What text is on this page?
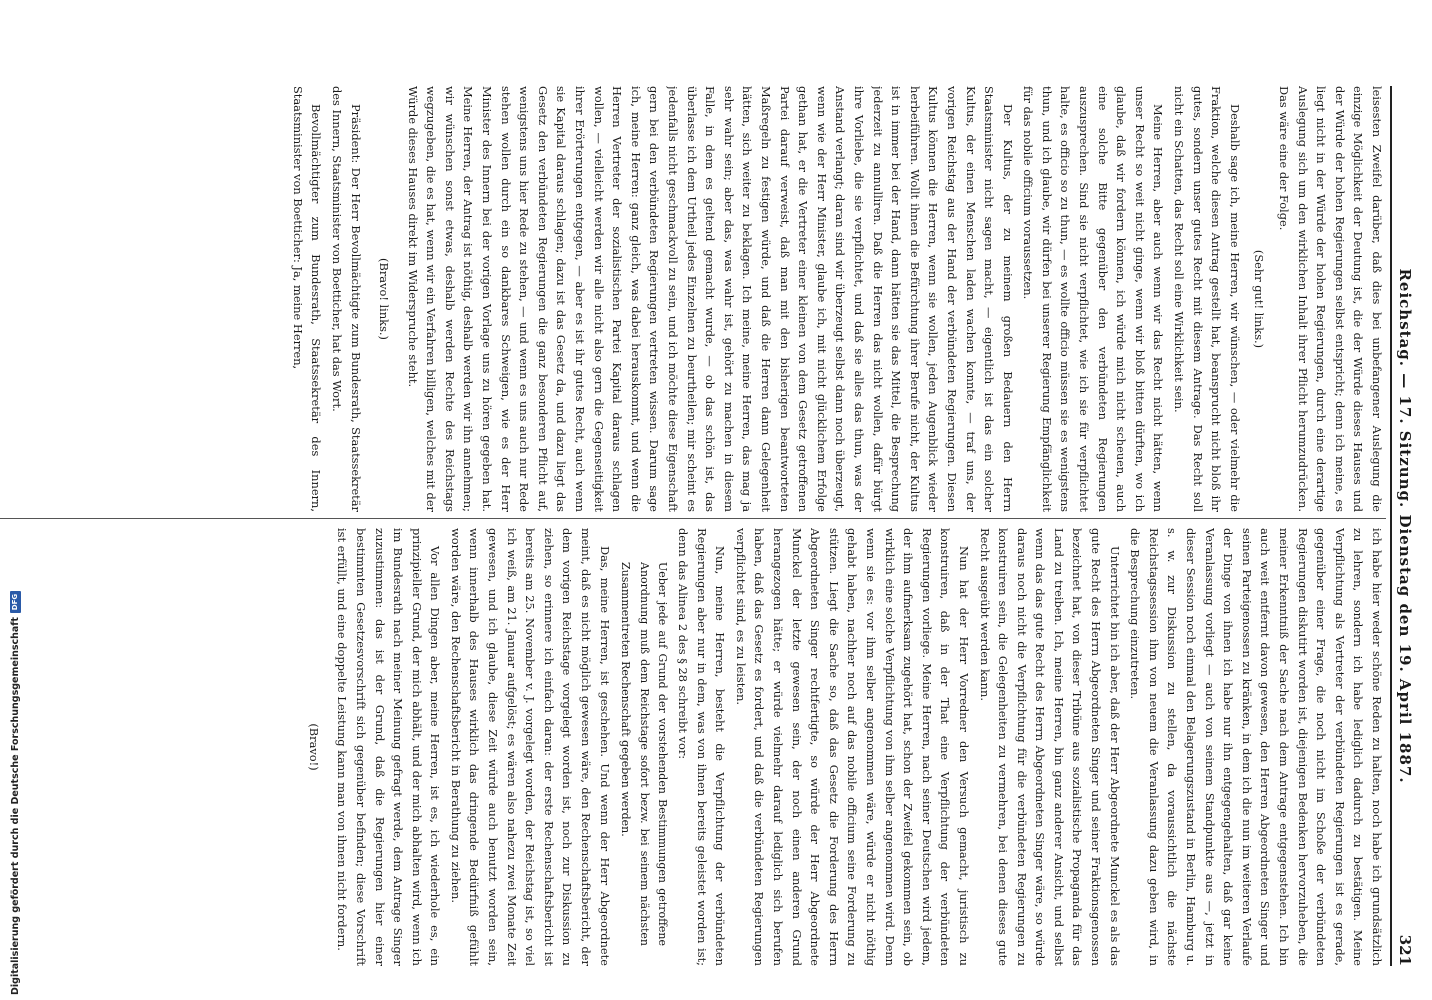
Reichstag. — 17. Sitzung. Dienstag den 19. April 1887.
321

leisesten Zweifel darüber, daß dies bei unbefangener Auslegung die einzige Möglichkeit der Deutung ist, die der Würde dieses Hauses und der Würde der hohen Regierungen selbst entspricht; denn ich meine, es liegt nicht in der Würde der hohen Regierungen, durch eine derartige Auslegung sich um den wirklichen Inhalt ihrer Pflicht herumzudrücken. Das wäre eine der Folge.

(Sehr gut! links.)

Deshalb sage ich, meine Herren, wir wünschen, — oder vielmehr die Fraktion, welche diesen Antrag gestellt hat, beansprucht nicht bloß ihr gutes, sondern unser gutes Recht mit diesem Antrage. Das Recht soll nicht ein Schatten, das Recht soll eine Wirklichkeit sein.

Meine Herren, aber auch wenn wir das Recht nicht hätten, wenn unser Recht so weit nicht ginge, wenn wir bloß bitten dürften, wo ich glaube, daß wir fordern können, ich würde mich nicht scheuen, auch eine solche Bitte gegenüber den verbündeten Regierungen auszusprechen. Sind sie nicht verpflichtet, wie ich sie für verpflichtet halte, es officio so zu thun, — es wollte officio müssen sie es wenigstens thun, und ich glaube, wir dürfen bei unserer Regierung Empfänglichkeit für das nobile officium voraussetzen.

Der Kultus, der zu meinem großen Bedauern den Herrn Staatsminister nicht sagen macht, — eigentlich ist das ein solcher Kultus, der einen Menschen laden wachen konnte, — traf uns, der vorigen Reichstag aus der Hand der verbündeten Regierungen. Diesen Kultus können die Herren, wenn sie wollen, jeden Augenblick wieder herbeiführen. Wollt ihnen die Befürchtung ihrer Berufe nicht, der Kultus ist in immer bei der Hand, dann hätten sie das Mittel, die Besprechung jederzeit zu annulliren. Daß die Herren das nicht wollen, dafür bürgt ihre Vorliebe, die sie verpflichtet, und daß sie alles das thun, was der Anstand verlangt; daran sind wir überzeugt selbst dann noch überzeugt, wenn wie der Herr Minister, glaube ich, mit nicht glücklichem Erfolge gethan hat, er die Vertreter einer kleinen von dem Gesetz getroffenen Partei darauf verweist, daß man mit den bisherigen beantworteten Maßregeln zu festigen würde, und daß die Herren dann Gelegenheit hätten, sich weiter zu beklagen. Ich meine, meine Herren, das mag ja sehr wahr sein; aber das, was wahr ist, gehört zu machen in diesem Falle, in dem es geltend gemacht wurde, — ob das schön ist, das überlasse ich dem Urtheil jedes Einzelnen zu beurtheilen; mir scheint es jedenfalls nicht geschmackvoll zu sein, und ich möchte diese Eigenschaft gern bei den verbündeten Regierungen vertreten wissen. Darum sage ich, meine Herren: ganz gleich, was dabei herauskommt, und wenn die Herren Vertreter der sozialistischen Partei Kapital daraus schlagen wollen, — vielleicht werden wir alle nicht also gern die Gegenseitigkeit ihrer Erörterungen entgegen, — aber es ist ihr gutes Recht, auch wenn sie Kapital daraus schlagen; dazu ist das Gesetz da, und dazu liegt das Gesetz den verbündeten Regierungen die ganz besonderen Pflicht auf, wenigstens uns hier Rede zu stehen, — und wenn es uns auch nur Rede stehen wollen durch ein so dankbares Schweigen, wie es der Herr Minister des Innern bei der vorigen Vorlage uns zu hören gegeben hat. Meine Herren, der Antrag ist nöthig, deshalb werden wir ihn annehmen; wir wünschen sonst etwas, deshalb werden Rechte des Reichstags wegzugeben, die es hat, wenn wir ein Verfahren billigen, welches mit der Würde dieses Hauses direkt im Widerspruche steht.

(Bravo! links.)

Präsident: Der Herr Bevollmächtigte zum Bundesrath, Staatssekretär des Innern, Staatsminister von Boetticher, hat das Wort.

Bevollmächtigter zum Bundesrath, Staatssekretär des Innern, Staatsminister von Boetticher: Ja, meine Herren,

ich habe hier weder schöne Reden zu halten, noch habe ich grundsätzlich zu lehren, sondern ich habe lediglich dadurch zu bestätigen. Meine Verpflichtung als Vertreter der verbündeten Regierungen ist es gerade, gegenüber einer Frage, die noch nicht im Schoße der verbündeten Regierungen diskutirt worden ist, diejenigen Bedenken hervorzuheben, die meiner Erkenntniß der Sache nach dem Antrage entgegenstehen. Ich bin auch weit entfernt davon gewesen, den Herren Abgeordneten Singer und seinen Parteigenossen zu kränken, in dem ich die nun im weiteren Verlaufe der Dinge von ihnen ich habe nur ihn entgegengehalten, daß gar keine Veranlassung vorliegt — auch von seinem Standpunkte aus —, jetzt in dieser Session noch einmal den Belagerungszustand in Berlin, Hamburg u. s. w. zur Diskussion zu stellen, da voraussichtlich die nächste Reichstagssession ihm von neuem die Veranlassung dazu geben wird, in die Besprechung einzutreten.

Unterrichtet bin ich aber, daß der Herr Abgeordnete Munckel es als das gute Recht des Herrn Abgeordneten Singer und seiner Fraktionsgenossen bezeichnet hat, von dieser Tribüne aus sozialistische Propaganda für das Land zu treiben. Ich, meine Herren, bin ganz anderer Ansicht, und selbst wenn das das gute Recht des Herrn Abgeordneten Singer wäre, so würde daraus noch nicht die Verpflichtung für die verbündeten Regierungen zu konstruiren sein, die Gelegenheiten zu vermehren, bei denen dieses gute Recht ausgeübt werden kann.

Nun hat der Herr Vorredner den Versuch gemacht, juristisch zu konstruiren, daß in der That eine Verpflichtung der verbündeten Regierungen vorliege. Meine Herren, nach seiner Deutschen wird jedem, der ihm aufmerksam zugehört hat, schon der Zweifel gekommen sein, ob wirklich eine solche Verpflichtung von ihm selber angenommen wird. Denn wenn sie es: vor ihm selber angenommen wäre, würde er nicht nöthig gehabt haben, nachher noch auf das nobile officium seine Forderung zu stützen. Liegt die Sache so, daß das Gesetz die Forderung des Herrn Abgeordneten Singer rechtfertigte, so würde der Herr Abgeordnete Munckel der letzte gewesen sein, der noch einen anderen Grund herangezogen hätte; er würde vielmehr darauf lediglich sich berufen haben, daß das Gesetz es fordert, und daß die verbündeten Regierungen verpflichtet sind, es zu leisten.

Nun, meine Herren, besteht die Verpflichtung der verbündeten Regierungen aber nur in dem, was von ihnen bereits geleistet worden ist; denn das Alinea 2 des § 28 schreibt vor:

Ueber jede auf Grund der vorstehenden Bestimmungen getroffene Anordnung muß dem Reichstage sofort bezw. bei seinem nächsten Zusammentreten Rechenschaft gegeben werden.

Das, meine Herren, ist geschehen. Und wenn der Herr Abgeordnete meint, daß es nicht möglich gewesen wäre, den Rechenschaftsbericht, der dem vorigen Reichstage vorgelegt worden ist, noch zur Diskussion zu ziehen, so erinnere ich einfach daran: der erste Rechenschaftsbericht ist bereits am 25. November v. J. vorgelegt worden, der Reichstag ist, so viel ich weiß, am 21. Januar aufgelöst; es wären also nahezu zwei Monate Zeit gewesen, und ich glaube, diese Zeit würde auch benutzt worden sein, wenn innerhalb des Hauses wirklich das dringende Bedürfniß gefühlt worden wäre, den Rechenschaftsbericht in Berathung zu ziehen.

Vor allen Dingen aber, meine Herren, ist es, ich wiederhole es, ein prinzipieller Grund, der mich abhält, und der mich abhalten wird, wenn ich im Bundesrath nach meiner Meinung gefragt werde, dem Antrage Singer zuzustimmen: das ist der Grund, daß die Regierungen hier einer bestimmten Gesetzesvorschrift sich gegenüber befinden; diese Vorschrift ist erfüllt, und eine doppelte Leistung kann man von ihnen nicht fordern.

(Bravo!)

Digitalisierung gefördert durch die Deutsche Forschungsgemeinschaft
DFG
